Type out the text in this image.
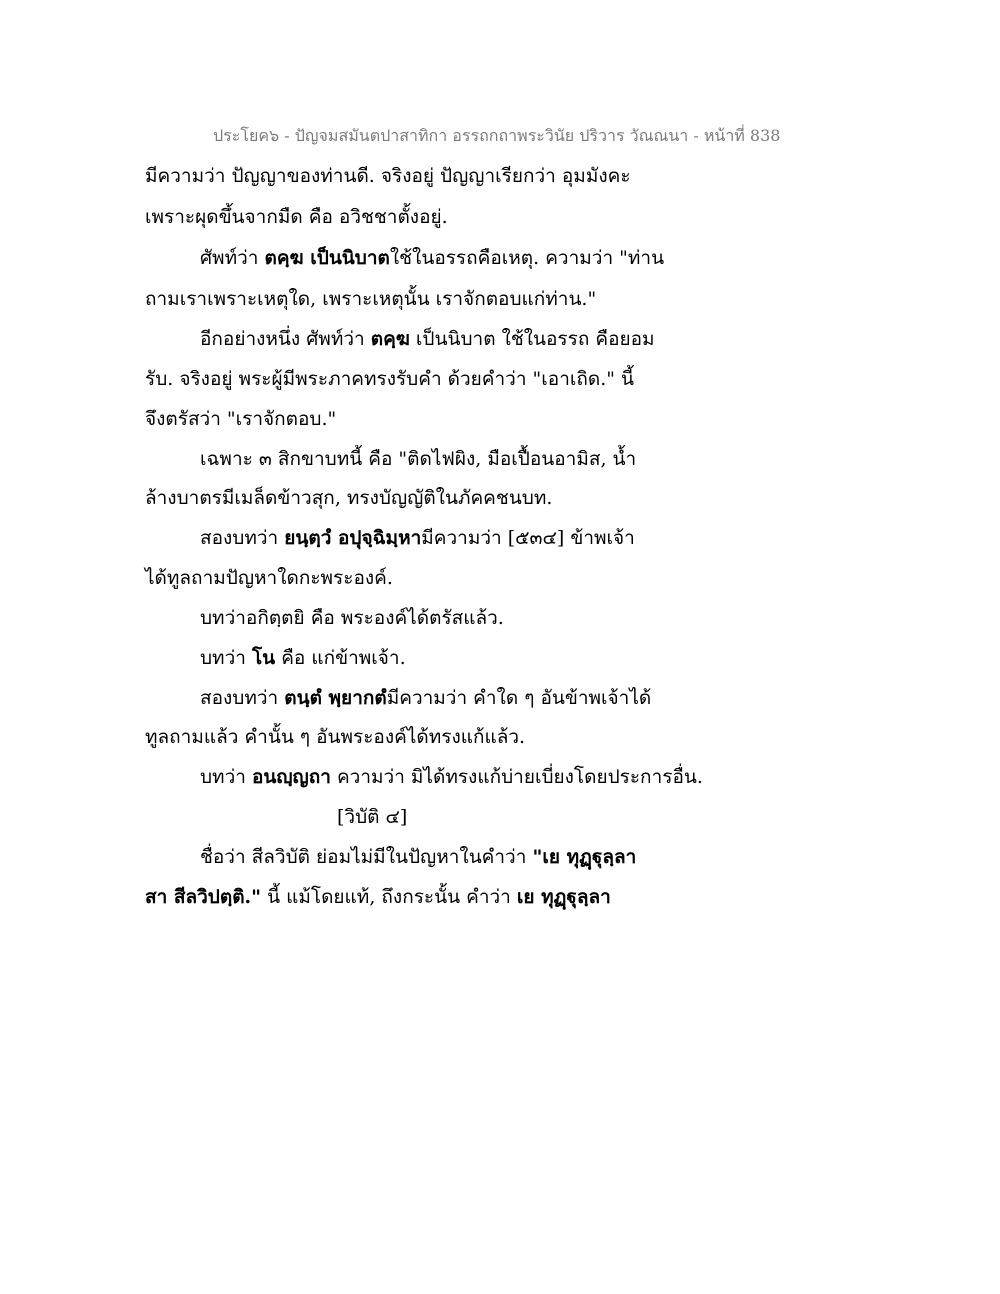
ประโยค๖ - ปัญจมสมันตปาสาทิกา อรรถกถาพระวินัย ปริวาร วัณณนา - หน้าที่ 838
มีความว่า ปัญญาของท่านดี. จริงอยู่ ปัญญาเรียกว่า อุมมังคะ
เพราะผุดขึ้นจากมืด คือ อวิชชาตั้งอยู่.
ศัพท์ว่า ตคฺฆ เป็นนิบาตใช้ในอรรถคือเหตุ. ความว่า "ท่าน
ถามเราเพราะเหตุใด, เพราะเหตุนั้น เราจักตอบแก่ท่าน."
อีกอย่างหนึ่ง ศัพท์ว่า ตคฺฆ เป็นนิบาต ใช้ในอรรถ คือยอม
รับ. จริงอยู่ พระผู้มีพระภาคทรงรับคำ ด้วยคำว่า "เอาเถิด." นี้
จึงตรัสว่า "เราจักตอบ."
เฉพาะ ๓ สิกขาบทนี้ คือ "ติดไฟผิง, มือเปื้อนอามิส, น้ำ
ล้างบาตรมีเมล็ดข้าวสุก, ทรงบัญญัติในภัคคชนบท.
สองบทว่า ยนฺตฺวํ อปุจฺฉิมฺหามีความว่า [๕๓๔] ข้าพเจ้า
ได้ทูลถามปัญหาใดกะพระองค์.
บทว่าอกิตฺตยิ คือ พระองค์ได้ตรัสแล้ว.
บทว่า โน คือ แก่ข้าพเจ้า.
สองบทว่า ตนฺตํ พฺยากตํมีความว่า คำใด ๆ อันข้าพเจ้าได้
ทูลถามแล้ว คำนั้น ๆ อันพระองค์ได้ทรงแก้แล้ว.
บทว่า อนญฺญถา ความว่า มิได้ทรงแก้บ่ายเบี่ยงโดยประการอื่น.
[วิบัติ ๔]
ชื่อว่า สีลวิบัติ ย่อมไม่มีในปัญหาในคำว่า "เย ทุฏฺฐุลฺลา
สา สีลวิปตฺติ." นี้ แม้โดยแท้, ถึงกระนั้น คำว่า เย ทุฏฺฐุลฺลา
